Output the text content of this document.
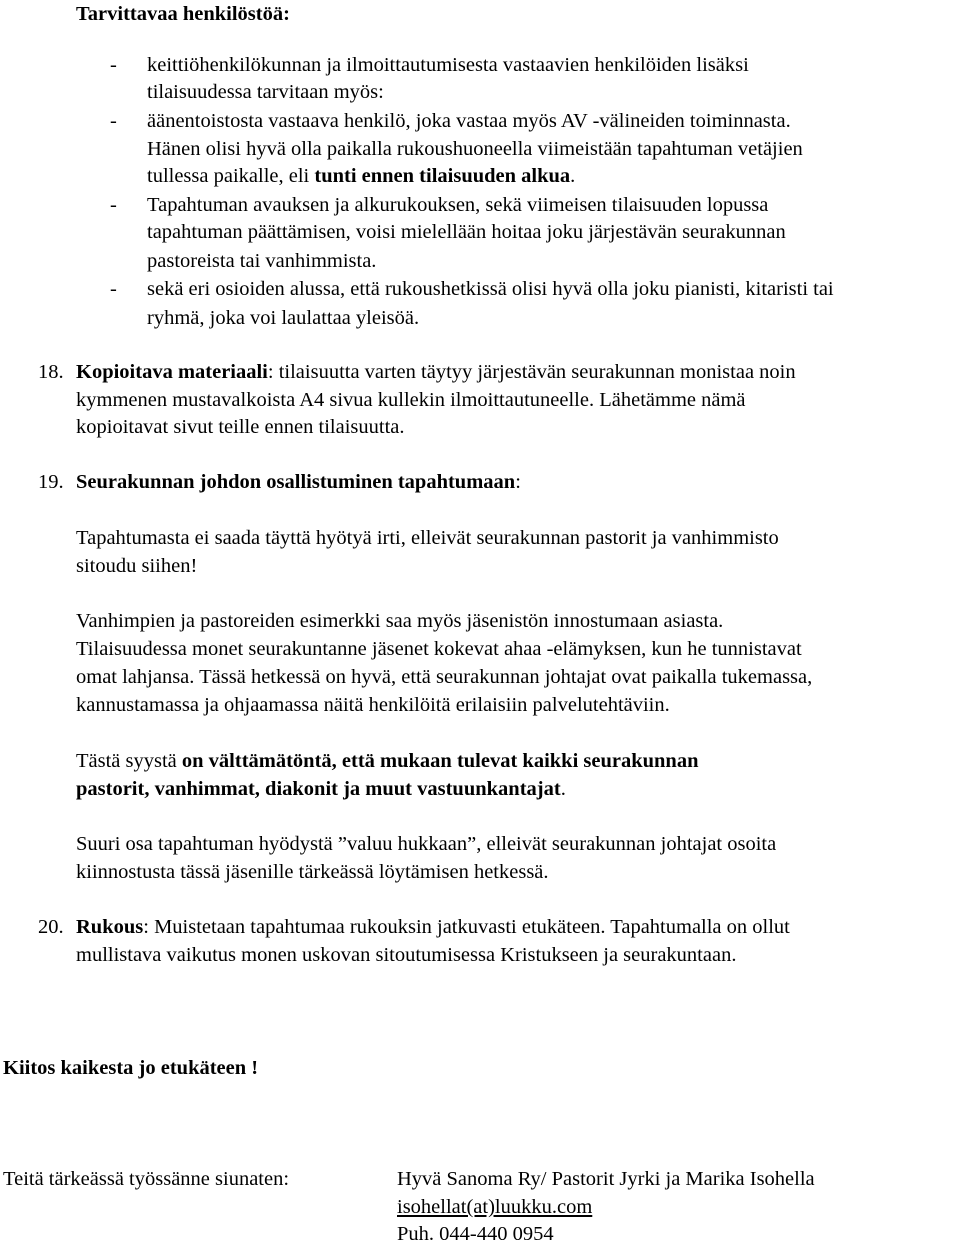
Tarvittavaa henkilöstöä:
-	keittiöhenkilökunnan ja ilmoittautumisesta vastaavien henkilöiden lisäksi
tilaisuudessa tarvitaan myös:
-	äänentoistosta vastaava henkilö, joka vastaa myös AV -välineiden toiminnasta.
Hänen olisi hyvä olla paikalla rukoushuoneella viimeistään tapahtuman vetäjien
tullessa paikalle, eli tunti ennen tilaisuuden alkua.
-	Tapahtuman avauksen ja alkurukouksen, sekä viimeisen tilaisuuden lopussa
tapahtuman päättämisen, voisi mielellään hoitaa joku järjestävän seurakunnan
pastoreista tai vanhimmista.
-	sekä eri osioiden alussa, että rukoushetkissä olisi hyvä olla joku pianisti, kitaristi tai
ryhmä, joka voi laulattaa yleisöä.
18. Kopioitava materiaali: tilaisuutta varten täytyy järjestävän seurakunnan monistaa noin
kymmenen mustavalkoista A4 sivua kullekin ilmoittautuneelle. Lähetämme nämä
kopioitavat sivut teille ennen tilaisuutta.
19. Seurakunnan johdon osallistuminen tapahtumaan:
Tapahtumasta ei saada täyttä hyötyä irti, elleivät seurakunnan pastorit ja vanhimmisto
sitoudu siihen!
Vanhimpien ja pastoreiden esimerkki saa myös jäsenistön innostumaan asiasta.
Tilaisuudessa monet seurakuntanne jäsenet kokevat ahaa -elämyksen, kun he tunnistavat
omat lahjansa. Tässä hetkessä on hyvä, että seurakunnan johtajat ovat paikalla tukemassa,
kannustamassa ja ohjaamassa näitä henkilöitä erilaisiin palvelutehtäviin.
Tästä syystä on välttämätöntä, että mukaan tulevat kaikki seurakunnan
pastorit, vanhimmat, diakonit ja muut vastuunkantajat.
Suuri osa tapahtuman hyödystä ”valuu hukkaan”, elleivät seurakunnan johtajat osoita
kiinnostusta tässä jäsenille tärkeässä löytämisen hetkessä.
20. Rukous: Muistetaan tapahtumaa rukouksin jatkuvasti etukäteen. Tapahtumalla on ollut
mullistava vaikutus monen uskovan sitoutumisessa Kristukseen ja seurakuntaan.
Kiitos kaikesta jo etukäteen !
Teitä tärkeässä työssänne siunaten:	Hyvä Sanoma Ry/ Pastorit Jyrki ja Marika Isohella
isohellat(at)luukku.com
Puh. 044-440 0954
